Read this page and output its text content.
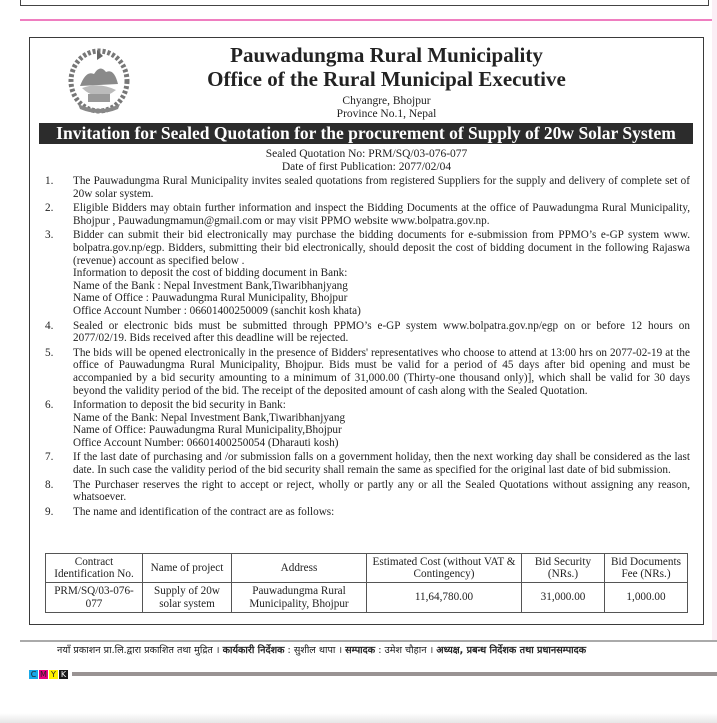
Pauwadungma Rural Municipality
Office of the Rural Municipal Executive
Chyangre, Bhojpur
Province No.1, Nepal
Invitation for Sealed Quotation for the procurement of Supply of 20w Solar System
Sealed Quotation No: PRM/SQ/03-076-077
Date of first Publication: 2077/02/04
1. The Pauwadungma Rural Municipality invites sealed quotations from registered Suppliers for the supply and delivery of complete set of 20w solar system.
2. Eligible Bidders may obtain further information and inspect the Bidding Documents at the office of Pauwadungma Rural Municipality, Bhojpur , Pauwadungmamun@gmail.com or may visit PPMO website www.bolpatra.gov.np.
3. Bidder can submit their bid electronically may purchase the bidding documents for e-submission from PPMO’s e-GP system www. bolpatra.gov.np/egp. Bidders, submitting their bid electronically, should deposit the cost of bidding document in the following Rajaswa (revenue) account as specified below .
Information to deposit the cost of bidding document in Bank:
Name of the Bank : Nepal Investment Bank,Tiwaribhanjyang
Name of Office : Pauwadungma Rural Municipality, Bhojpur
Office Account Number : 06601400250009 (sanchit kosh khata)
4. Sealed or electronic bids must be submitted through PPMO’s e-GP system www.bolpatra.gov.np/egp on or before 12 hours on 2077/02/19. Bids received after this deadline will be rejected.
5. The bids will be opened electronically in the presence of Bidders' representatives who choose to attend at 13:00 hrs on 2077-02-19 at the office of Pauwadungma Rural Municipality, Bhojpur. Bids must be valid for a period of 45 days after bid opening and must be accompanied by a bid security amounting to a minimum of 31,000.00 (Thirty-one thousand only)], which shall be valid for 30 days beyond the validity period of the bid. The receipt of the deposited amount of cash along with the Sealed Quotation.
6. Information to deposit the bid security in Bank:
Name of the Bank: Nepal Investment Bank,Tiwaribhanjyang
Name of Office: Pauwadungma Rural Municipality,Bhojpur
Office Account Number: 06601400250054 (Dharauti kosh)
7. If the last date of purchasing and /or submission falls on a government holiday, then the next working day shall be considered as the last date. In such case the validity period of the bid security shall remain the same as specified for the original last date of bid submission.
8. The Purchaser reserves the right to accept or reject, wholly or partly any or all the Sealed Quotations without assigning any reason, whatsoever.
9. The name and identification of the contract are as follows:
Contract Identification No.	Name of project	Address	Estimated Cost (without VAT & Contingency)	Bid Security (NRs.)	Bid Documents Fee (NRs.)
PRM/SQ/03-076-077	Supply of 20w solar system	Pauwadungma Rural Municipality, Bhojpur	11,64,780.00	31,000.00	1,000.00
नयाँ प्रकाशन प्रा.लि.द्वारा प्रकाशित तथा मुद्रित । कार्यकारी निर्देशक : सुशील थापा । सम्पादक : उमेश चौहान । अध्यक्ष, प्रबन्ध निर्देशक तथा प्रधानसम्पादक
C M Y K
